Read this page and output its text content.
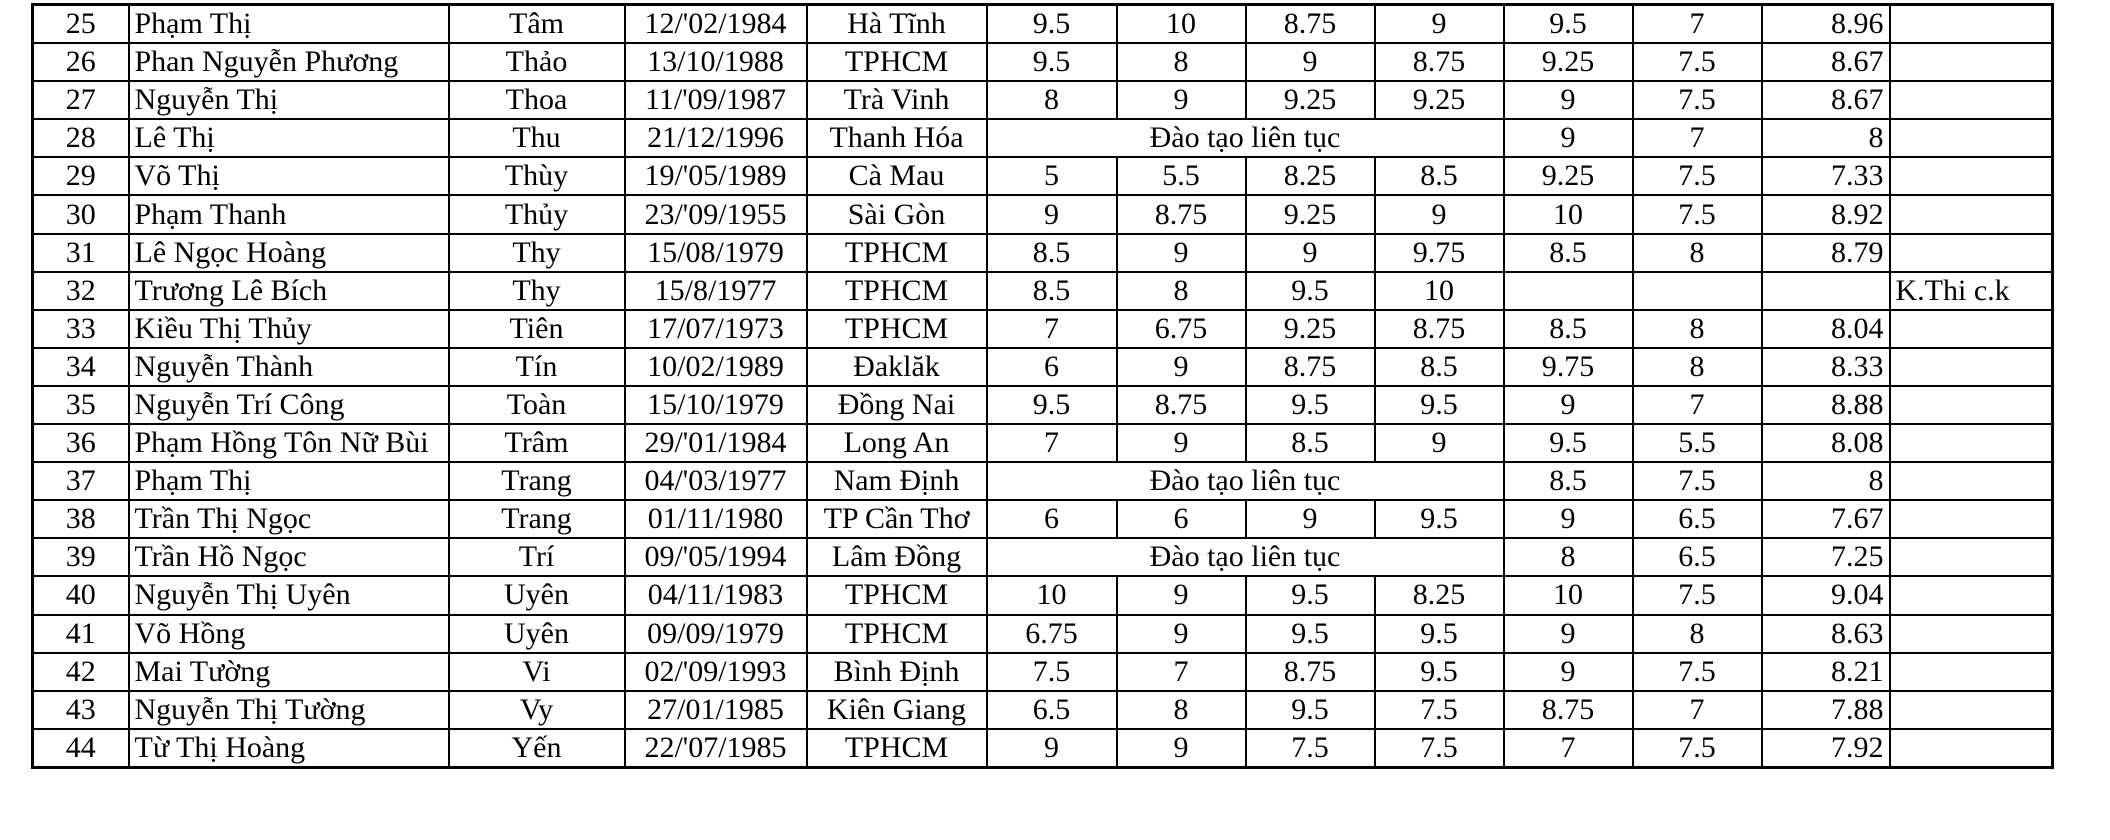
25	Phạm Thị	Tâm	12/'02/1984	Hà Tĩnh	9.5	10	8.75	9	9.5	7	8.96	
26	Phan Nguyễn Phương	Thảo	13/10/1988	TPHCM	9.5	8	9	8.75	9.25	7.5	8.67	
27	Nguyễn Thị	Thoa	11/'09/1987	Trà Vinh	8	9	9.25	9.25	9	7.5	8.67	
28	Lê Thị	Thu	21/12/1996	Thanh Hóa	Đào tạo liên tục				9	7	8	
29	Võ Thị	Thùy	19/'05/1989	Cà Mau	5	5.5	8.25	8.5	9.25	7.5	7.33	
30	Phạm Thanh	Thủy	23/'09/1955	Sài Gòn	9	8.75	9.25	9	10	7.5	8.92	
31	Lê Ngọc Hoàng	Thy	15/08/1979	TPHCM	8.5	9	9	9.75	8.5	8	8.79	
32	Trương Lê Bích	Thy	15/8/1977	TPHCM	8.5	8	9.5	10				K.Thi c.k
33	Kiều Thị Thủy	Tiên	17/07/1973	TPHCM	7	6.75	9.25	8.75	8.5	8	8.04	
34	Nguyễn Thành	Tín	10/02/1989	Đaklăk	6	9	8.75	8.5	9.75	8	8.33	
35	Nguyễn Trí Công	Toàn	15/10/1979	Đồng Nai	9.5	8.75	9.5	9.5	9	7	8.88	
36	Phạm Hồng Tôn Nữ Bùi	Trâm	29/'01/1984	Long An	7	9	8.5	9	9.5	5.5	8.08	
37	Phạm Thị	Trang	04/'03/1977	Nam Định	Đào tạo liên tục				8.5	7.5	8	
38	Trần Thị Ngọc	Trang	01/11/1980	TP Cần Thơ	6	6	9	9.5	9	6.5	7.67	
39	Trần Hồ Ngọc	Trí	09/'05/1994	Lâm Đồng	Đào tạo liên tục				8	6.5	7.25	
40	Nguyễn Thị Uyên	Uyên	04/11/1983	TPHCM	10	9	9.5	8.25	10	7.5	9.04	
41	Võ Hồng	Uyên	09/09/1979	TPHCM	6.75	9	9.5	9.5	9	8	8.63	
42	Mai Tường	Vi	02/'09/1993	Bình Định	7.5	7	8.75	9.5	9	7.5	8.21	
43	Nguyễn Thị Tường	Vy	27/01/1985	Kiên Giang	6.5	8	9.5	7.5	8.75	7	7.88	
44	Từ Thị Hoàng	Yến	22/'07/1985	TPHCM	9	9	7.5	7.5	7	7.5	7.92	
